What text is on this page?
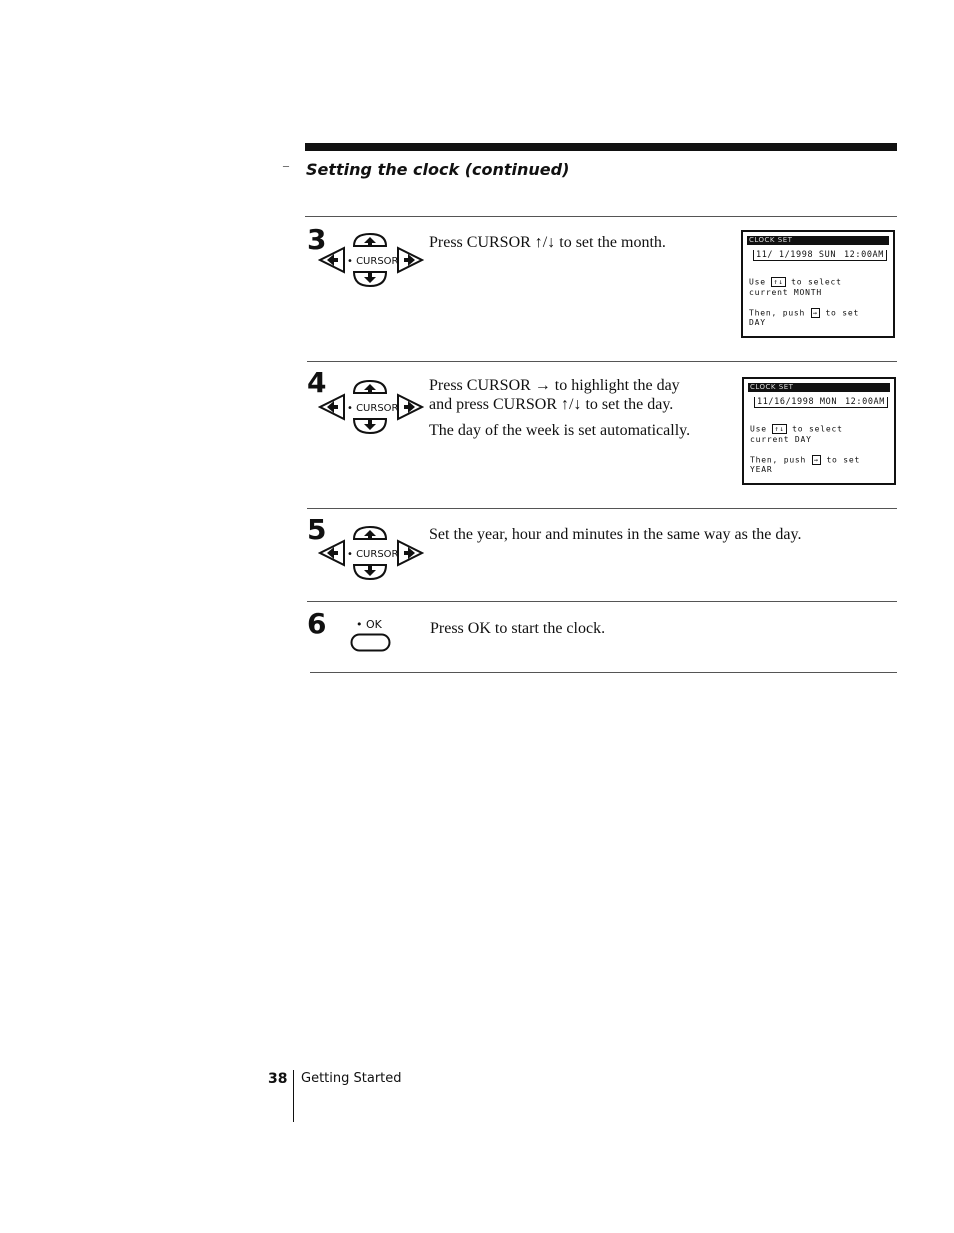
– Setting the clock (continued)
3
• CURSOR

Press CURSOR ↑/↓ to set the month.	CLOCK SET
11/ 1/1998 SUN 12:00AM
Use ↑↓ to select
current MONTH
Then, push → to set
DAY
4
• CURSOR

Press CURSOR → to highlight the day

and press CURSOR ↑/↓ to set the day.

The day of the week is set automatically.

CLOCK SET
11/16/1998 MON 12:00AM
Use ↑↓ to select
current DAY
Then, push → to set
YEAR
5
• CURSOR

Set the year, hour and minutes in the same way as the day.

6	• OK	Press OK to start the clock.

38 Getting Started
